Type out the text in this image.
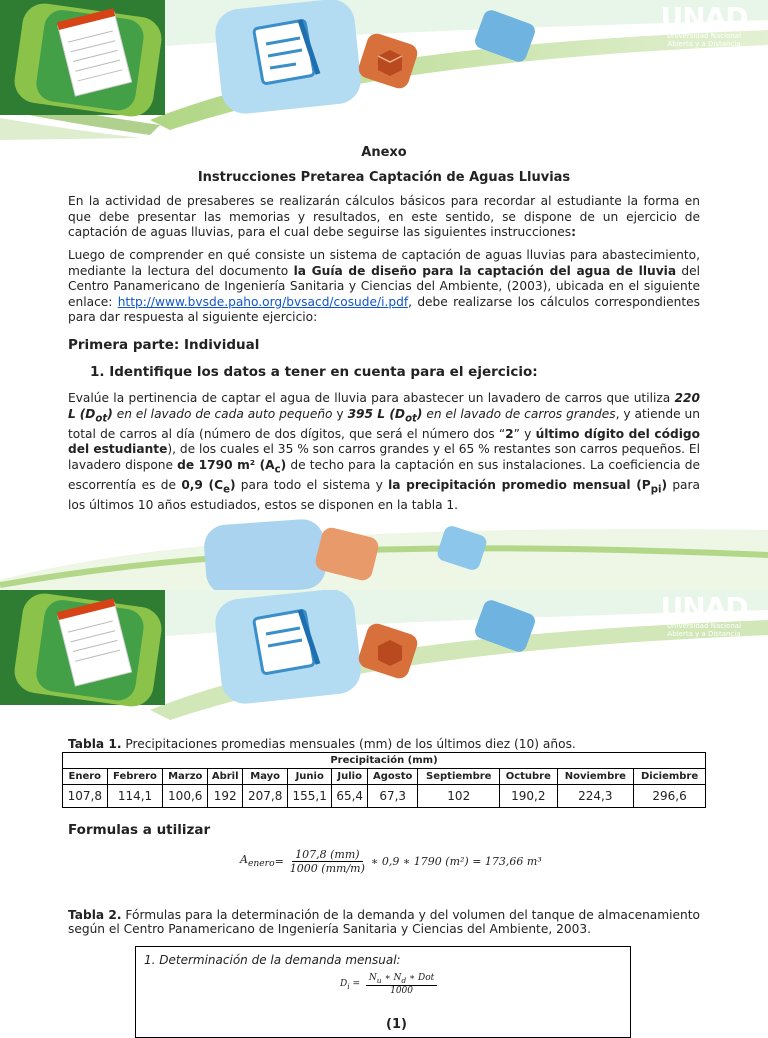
UNAD
Universidad Nacional
Abierta y a Distancia
Anexo
Instrucciones Pretarea Captación de Aguas Lluvias
En la actividad de presaberes se realizarán cálculos básicos para recordar al estudiante la forma en que debe presentar las memorias y resultados, en este sentido, se dispone de un ejercicio de captación de aguas lluvias, para el cual debe seguirse las siguientes instrucciones:
Luego de comprender en qué consiste un sistema de captación de aguas lluvias para abastecimiento, mediante la lectura del documento la Guía de diseño para la captación del agua de lluvia del Centro Panamericano de Ingeniería Sanitaria y Ciencias del Ambiente, (2003), ubicada en el siguiente enlace: http://www.bvsde.paho.org/bvsacd/cosude/i.pdf, debe realizarse los cálculos correspondientes para dar respuesta al siguiente ejercicio:
Primera parte: Individual
1. Identifique los datos a tener en cuenta para el ejercicio:
Evalúe la pertinencia de captar el agua de lluvia para abastecer un lavadero de carros que utiliza 220 L $(D_{ot})$ en el lavado de cada auto pequeño y 395 L $(D_{ot})$ en el lavado de carros grandes, y atiende un total de carros al día (número de dos dígitos, que será el número dos “2” y último dígito del código del estudiante), de los cuales el 35 % son carros grandes y el 65 % restantes son carros pequeños. El lavadero dispone de 1790 m² $(A_c)$ de techo para la captación en sus instalaciones. La coeficiencia de escorrentía es de 0,9 $(C_e)$ para todo el sistema y la precipitación promedio mensual $(P_{pi})$ para los últimos 10 años estudiados, estos se disponen en la tabla 1.
UNAD
Universidad Nacional
Abierta y a Distancia
Tabla 1. Precipitaciones promedias mensuales (mm) de los últimos diez (10) años.
Precipitación (mm)											
Enero	Febrero	Marzo	Abril	Mayo	Junio	Julio	Agosto	Septiembre	Octubre	Noviembre	Diciembre
107,8	114,1	100,6	192	207,8	155,1	65,4	67,3	102	190,2	224,3	296,6
Formulas a utilizar
$A_{enero} = \frac{107,8 (mm)}{1000 (mm/m)}$ ∗ 0,9 ∗ 1790 (m²) = 173,66 m³
Tabla 2. Fórmulas para la determinación de la demanda y del volumen del tanque de almacenamiento según el Centro Panamericano de Ingeniería Sanitaria y Ciencias del Ambiente, 2003.
1. Determinación de la demanda mensual:
$D_i = \frac{N_u ∗ N_d ∗ Dot}{1000}$
(1)
